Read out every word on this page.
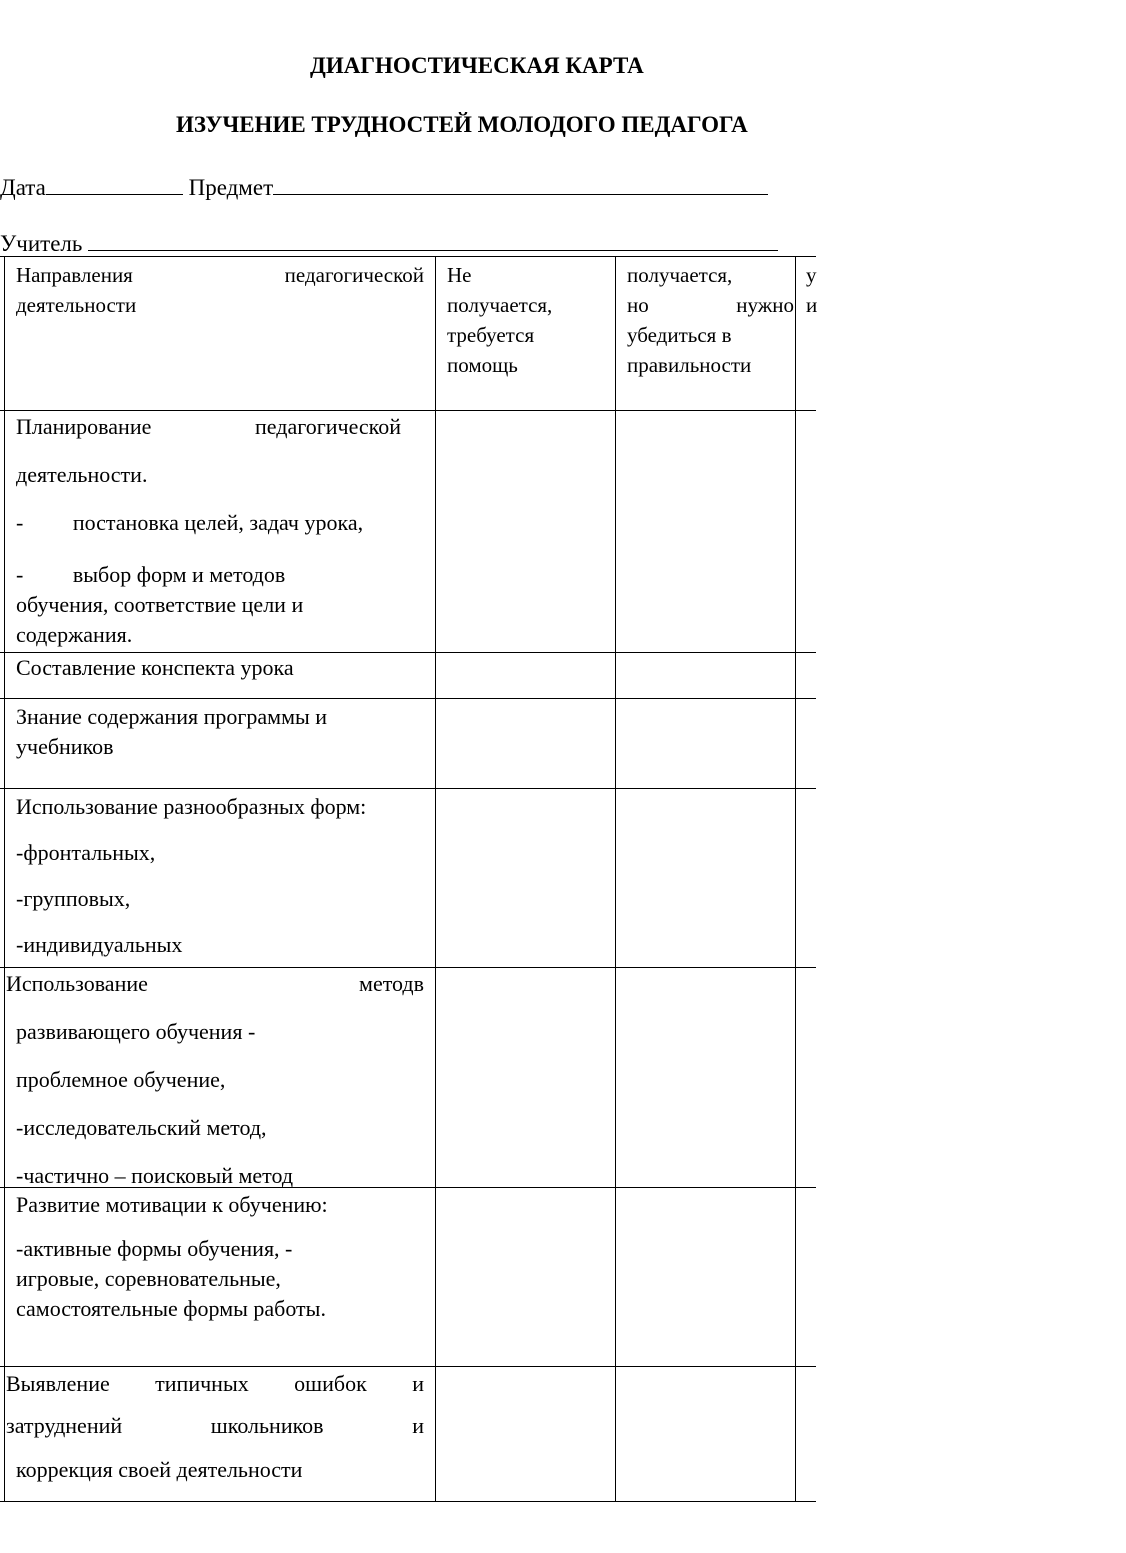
ДИАГНОСТИЧЕСКАЯ КАРТА
ИЗУЧЕНИЕ ТРУДНОСТЕЙ МОЛОДОГО ПЕДАГОГА
Дата	Предмет
Учитель

Направления педагогической

деятельности

Не

получается,

требуется

помощь

получается,

но нужно

убедиться в

правильности

у

и

Планирование педагогической

деятельности.

-         постановка целей, задач урока,

-         выбор форм и методов

обучения, соответствие цели и

содержания.

Составление конспекта урока

Знание содержания программы и

учебников

Использование разнообразных форм:

-фронтальных,

-групповых,

-индивидуальных

Использование методв

развивающего обучения -

проблемное обучение,

-исследовательский метод,

-частично – поисковый метод

Развитие мотивации к обучению:

-активные формы обучения, -

игровые, соревновательные,

самостоятельные формы работы.

Выявление типичных ошибок и

затруднений школьников и

коррекция своей деятельности
